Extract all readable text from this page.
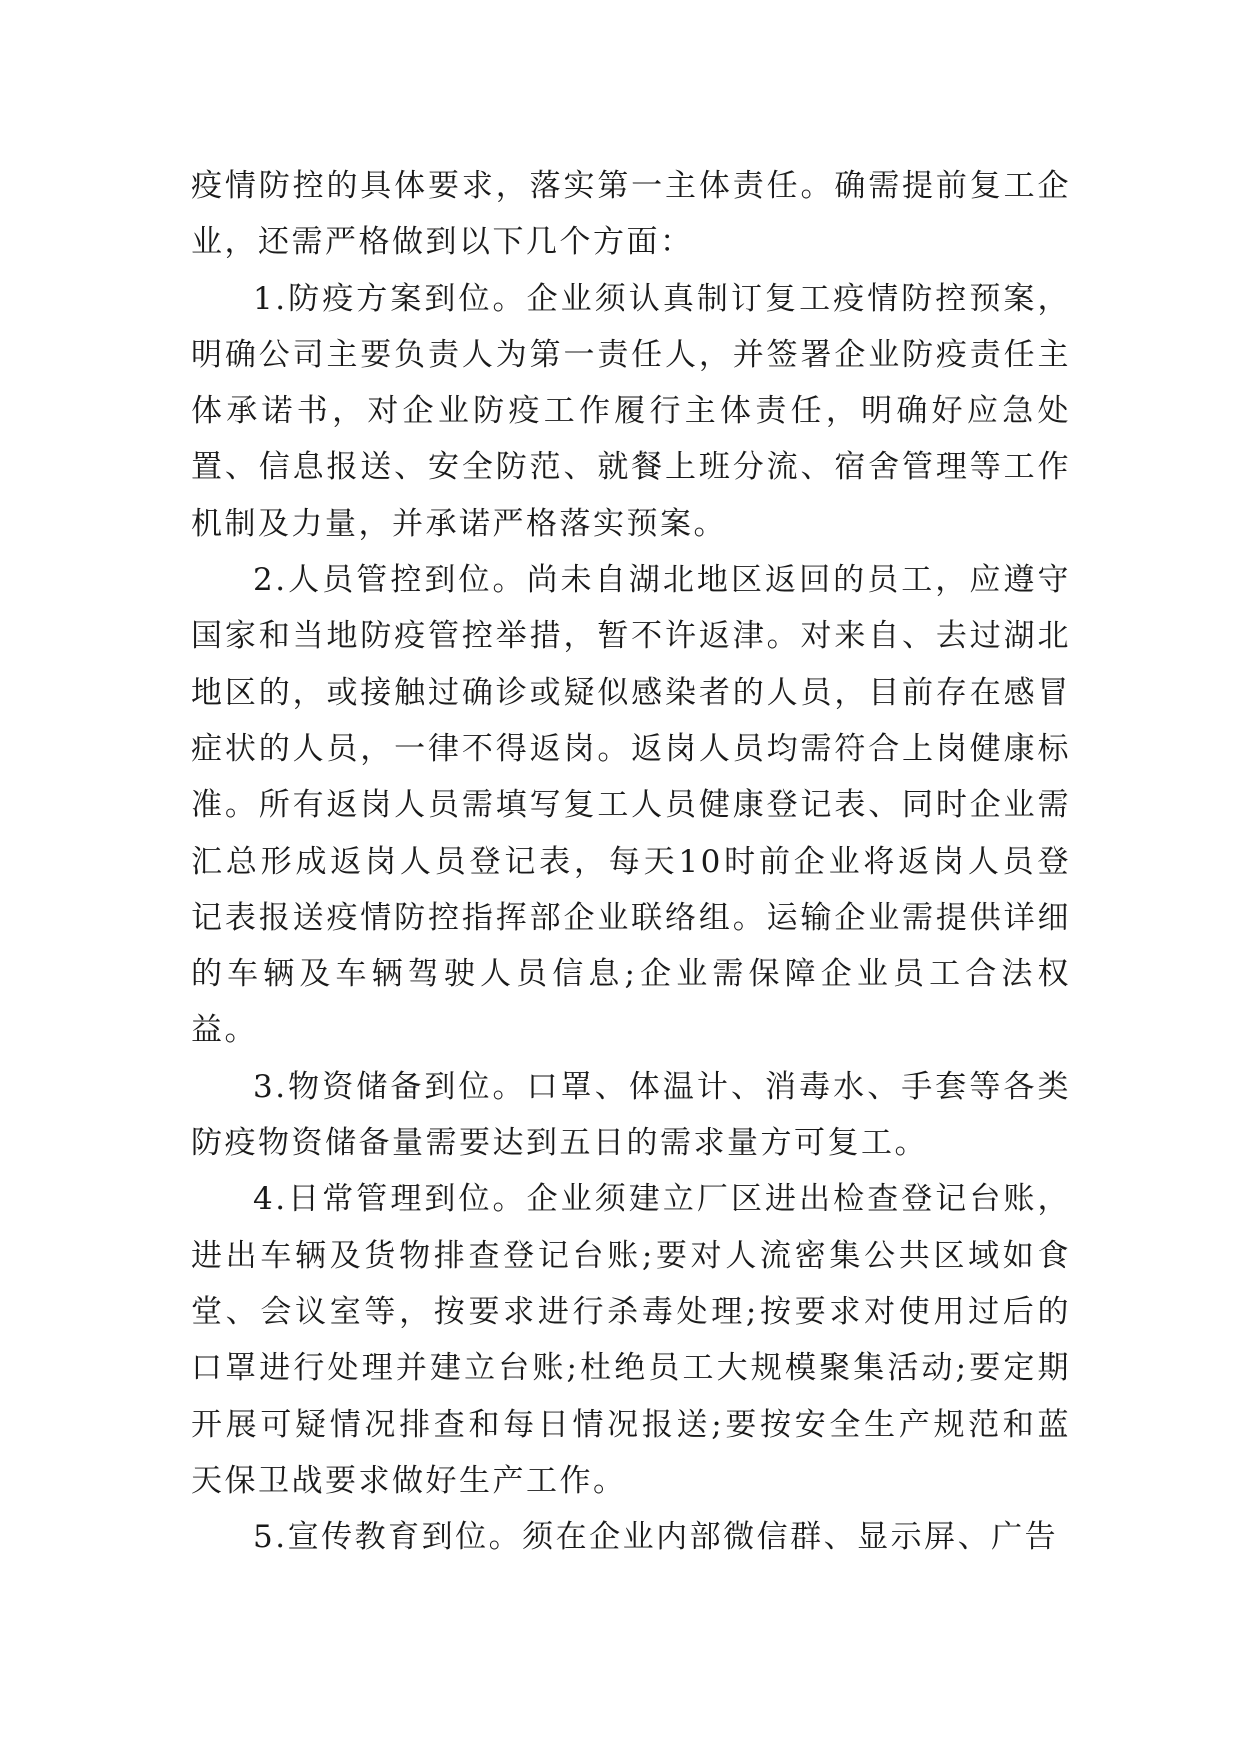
疫情防控的具体要求，落实第一主体责任。确需提前复工企业，还需严格做到以下几个方面：

1.防疫方案到位。企业须认真制订复工疫情防控预案，明确公司主要负责人为第一责任人，并签署企业防疫责任主体承诺书，对企业防疫工作履行主体责任，明确好应急处置、信息报送、安全防范、就餐上班分流、宿舍管理等工作机制及力量，并承诺严格落实预案。

2.人员管控到位。尚未自湖北地区返回的员工，应遵守国家和当地防疫管控举措，暂不许返津。对来自、去过湖北地区的，或接触过确诊或疑似感染者的人员，目前存在感冒症状的人员，一律不得返岗。返岗人员均需符合上岗健康标准。所有返岗人员需填写复工人员健康登记表、同时企业需汇总形成返岗人员登记表，每天10时前企业将返岗人员登记表报送疫情防控指挥部企业联络组。运输企业需提供详细的车辆及车辆驾驶人员信息;企业需保障企业员工合法权益。

3.物资储备到位。口罩、体温计、消毒水、手套等各类防疫物资储备量需要达到五日的需求量方可复工。

4.日常管理到位。企业须建立厂区进出检查登记台账，进出车辆及货物排查登记台账;要对人流密集公共区域如食堂、会议室等，按要求进行杀毒处理;按要求对使用过后的口罩进行处理并建立台账;杜绝员工大规模聚集活动;要定期开展可疑情况排查和每日情况报送;要按安全生产规范和蓝天保卫战要求做好生产工作。

5.宣传教育到位。须在企业内部微信群、显示屏、广告
